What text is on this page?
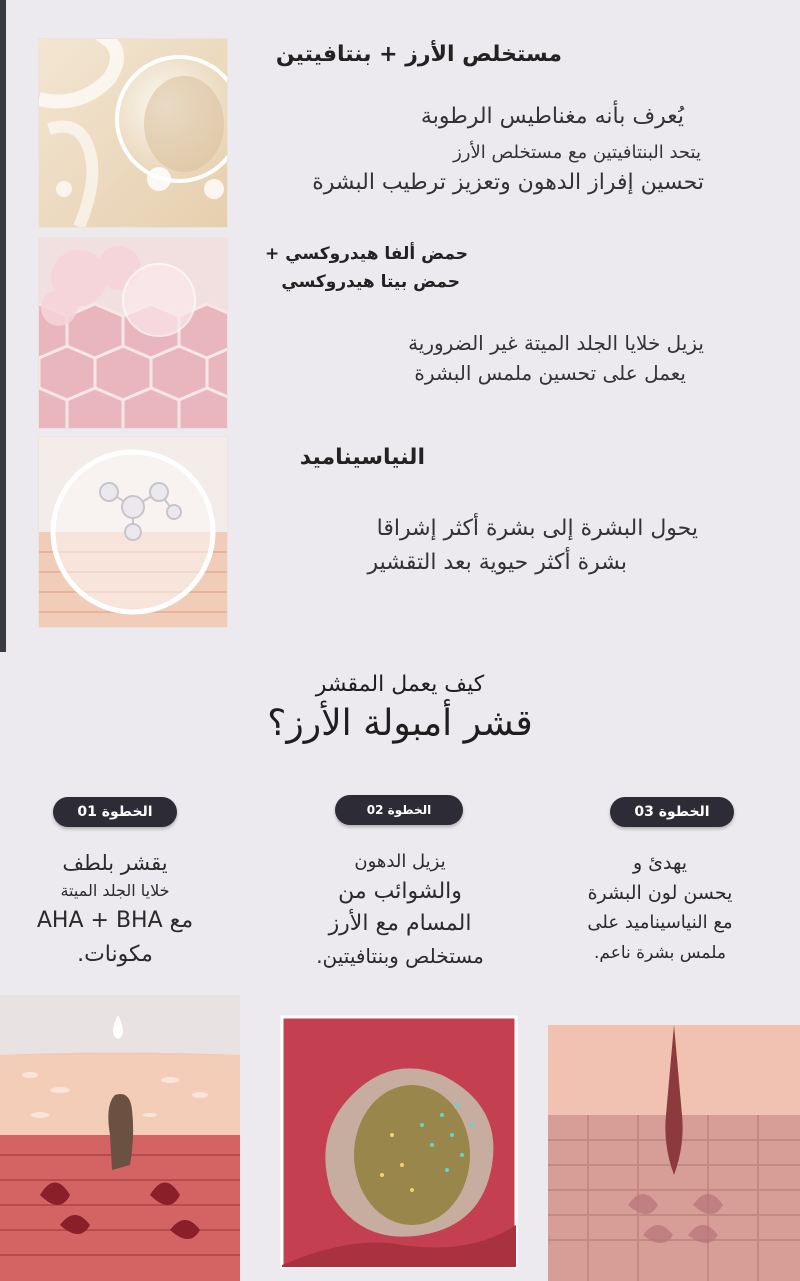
مستخلص الأرز + بنتافيتين
يُعرف بأنه مغناطيس الرطوبة
يتحد البنتافيتين مع مستخلص الأرز
تحسين إفراز الدهون وتعزيز ترطيب البشرة
حمض ألفا هيدروكسي +
حمض بيتا هيدروكسي
يزيل خلايا الجلد الميتة غير الضرورية
يعمل على تحسين ملمس البشرة
النياسيناميد
يحول البشرة إلى بشرة أكثر إشراقا
بشرة أكثر حيوية بعد التقشير
كيف يعمل المقشر
قشر أمبولة الأرز؟
الخطوة 01	الخطوة 02	الخطوة 03
يقشر بلطف
خلايا الجلد الميتة
مع AHA + BHA
مكونات.
يزيل الدهون
والشوائب من
المسام مع الأرز
مستخلص وبنتافيتين.
يهدئ و
يحسن لون البشرة
مع النياسيناميد على
ملمس بشرة ناعم.
